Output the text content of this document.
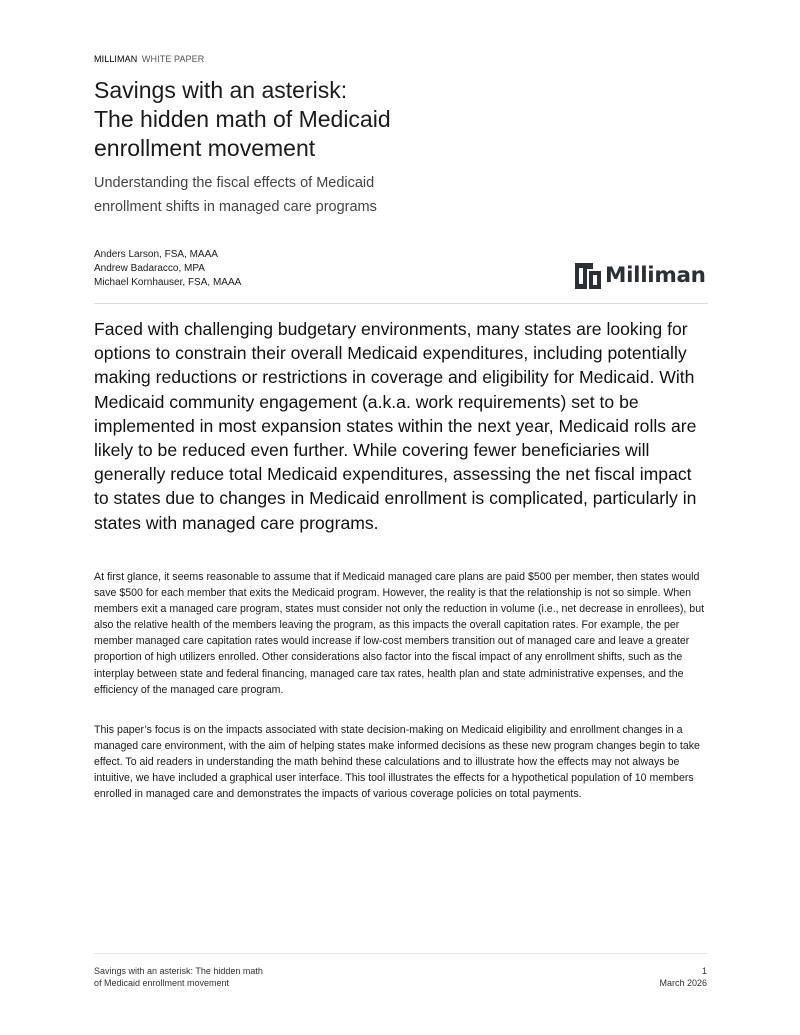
MILLIMAN WHITE PAPER
Savings with an asterisk:
The hidden math of Medicaid
enrollment movement

Understanding the fiscal effects of Medicaid
enrollment shifts in managed care programs

Anders Larson, FSA, MAAA
Andrew Badaracco, MPA
Michael Kornhauser, FSA, MAAA	Milliman

Faced with challenging budgetary environments, many states are looking for options to constrain their overall Medicaid expenditures, including potentially making reductions or restrictions in coverage and eligibility for Medicaid. With Medicaid community engagement (a.k.a. work requirements) set to be implemented in most expansion states within the next year, Medicaid rolls are likely to be reduced even further. While covering fewer beneficiaries will generally reduce total Medicaid expenditures, assessing the net fiscal impact to states due to changes in Medicaid enrollment is complicated, particularly in states with managed care programs.

At first glance, it seems reasonable to assume that if Medicaid managed care plans are paid $500 per member, then states would save $500 for each member that exits the Medicaid program. However, the reality is that the relationship is not so simple. When members exit a managed care program, states must consider not only the reduction in volume (i.e., net decrease in enrollees), but also the relative health of the members leaving the program, as this impacts the overall capitation rates. For example, the per member managed care capitation rates would increase if low-cost members transition out of managed care and leave a greater proportion of high utilizers enrolled. Other considerations also factor into the fiscal impact of any enrollment shifts, such as the interplay between state and federal financing, managed care tax rates, health plan and state administrative expenses, and the efficiency of the managed care program.

This paper’s focus is on the impacts associated with state decision-making on Medicaid eligibility and enrollment changes in a managed care environment, with the aim of helping states make informed decisions as these new program changes begin to take effect. To aid readers in understanding the math behind these calculations and to illustrate how the effects may not always be intuitive, we have included a graphical user interface. This tool illustrates the effects for a hypothetical population of 10 members enrolled in managed care and demonstrates the impacts of various coverage policies on total payments.

Savings with an asterisk: The hidden math
of Medicaid enrollment movement
1
March 2026
